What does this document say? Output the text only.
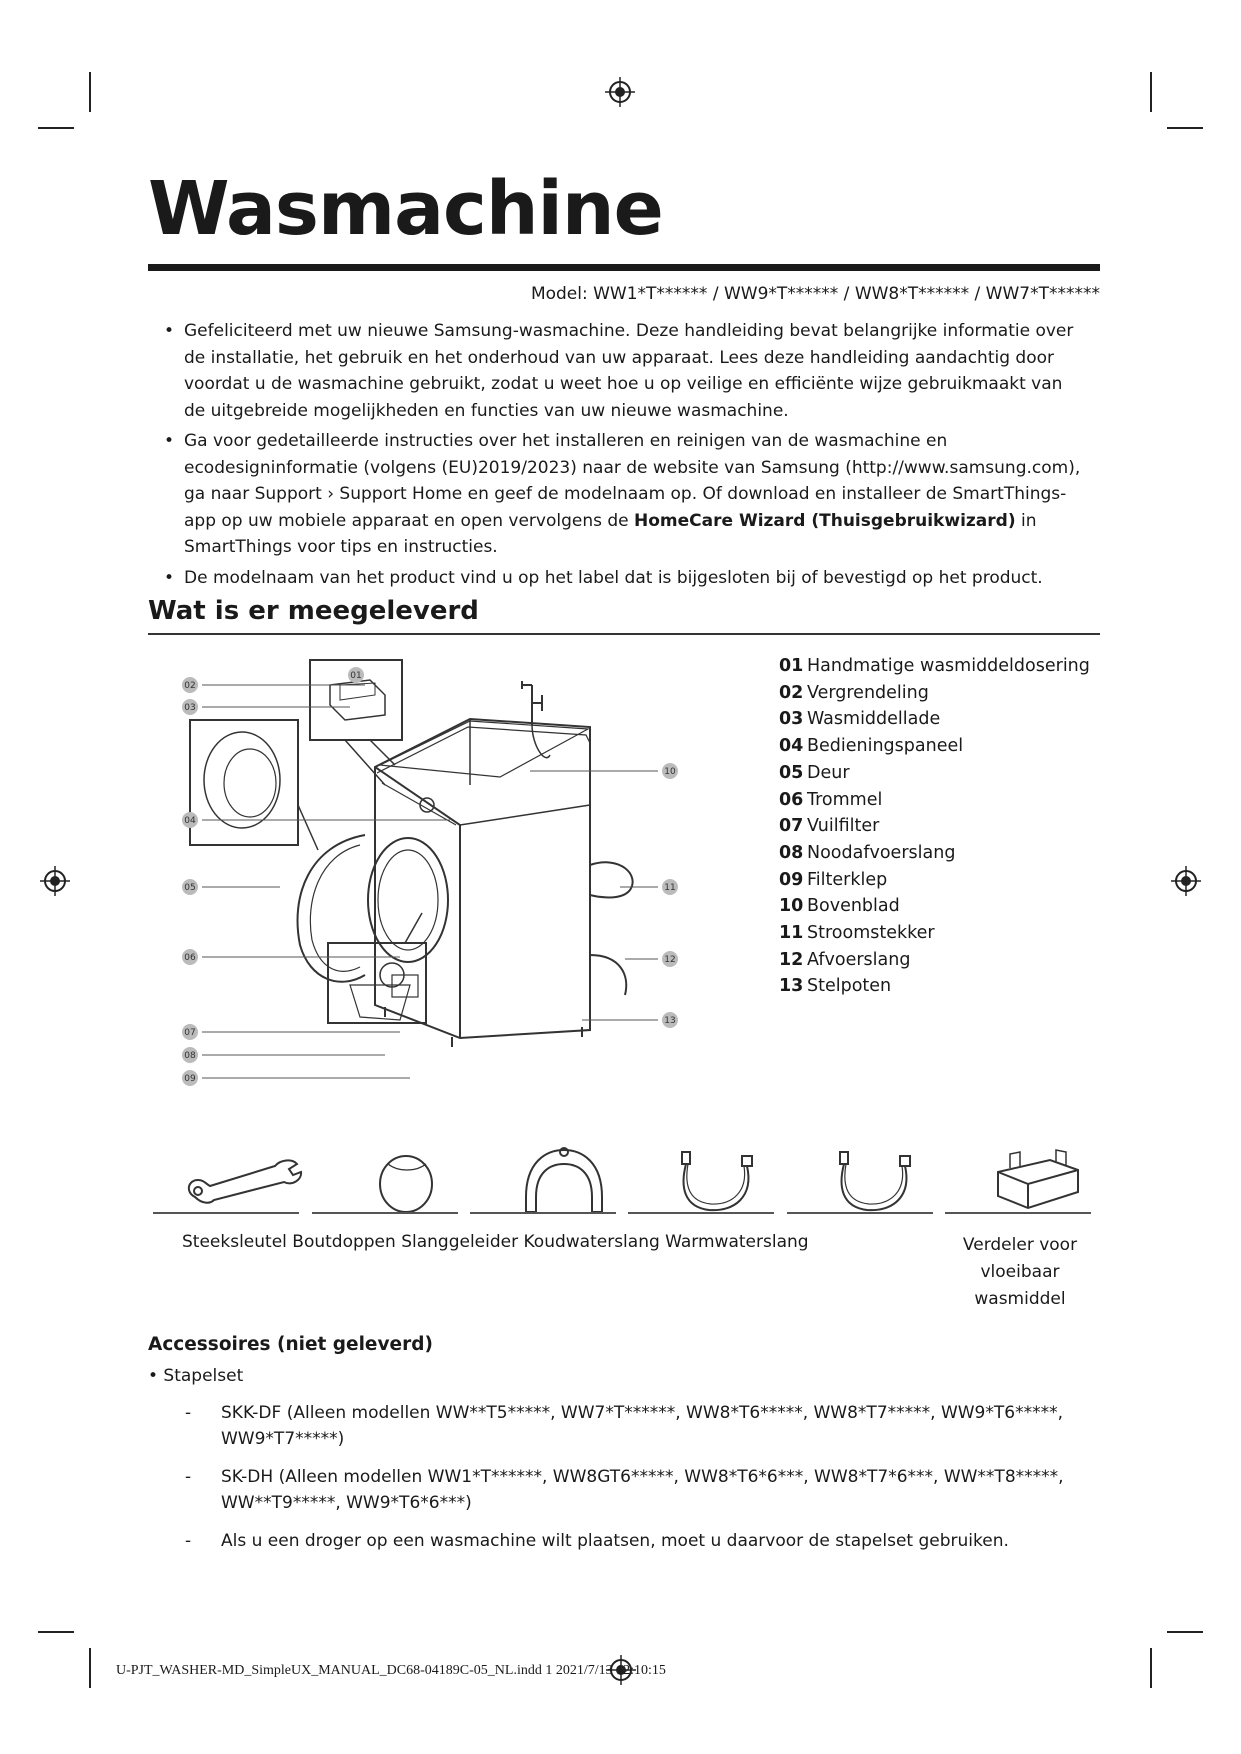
Wasmachine
Model: WW1*T****** / WW9*T****** / WW8*T****** / WW7*T******
• Gefeliciteerd met uw nieuwe Samsung-wasmachine. Deze handleiding bevat belangrijke informatie over de installatie, het gebruik en het onderhoud van uw apparaat. Lees deze handleiding aandachtig door voordat u de wasmachine gebruikt, zodat u weet hoe u op veilige en efficiënte wijze gebruikmaakt van de uitgebreide mogelijkheden en functies van uw nieuwe wasmachine.
• Ga voor gedetailleerde instructies over het installeren en reinigen van de wasmachine en ecodesigninformatie (volgens (EU)2019/2023) naar de website van Samsung (http://www.samsung.com), ga naar Support › Support Home en geef de modelnaam op. Of download en installeer de SmartThings-app op uw mobiele apparaat en open vervolgens de HomeCare Wizard (Thuisgebruikwizard) in SmartThings voor tips en instructies.
• De modelnaam van het product vind u op het label dat is bijgesloten bij of bevestigd op het product.
Wat is er meegeleverd
01
02
03
04
05
06
07
08
09
10
11
12
13
01 Handmatige wasmiddeldosering
02 Vergrendeling
03 Wasmiddellade
04 Bedieningspaneel
05 Deur
06 Trommel
07 Vuilfilter
08 Noodafvoerslang
09 Filterklep
10 Bovenblad
11 Stroomstekker
12 Afvoerslang
13 Stelpoten
Steeksleutel Boutdoppen Slanggeleider Koudwaterslang Warmwaterslang	Verdeler voor
vloeibaar
wasmiddel
Accessoires (niet geleverd)
• Stapelset
- SKK-DF (Alleen modellen WW**T5*****, WW7*T******, WW8*T6*****, WW8*T7*****, WW9*T6*****, WW9*T7*****)
- SK-DH (Alleen modellen WW1*T******, WW8GT6*****, WW8*T6*6***, WW8*T7*6***, WW**T8*****, WW**T9*****, WW9*T6*6***)
- Als u een droger op een wasmachine wilt plaatsen, moet u daarvoor de stapelset gebruiken.
U-PJT_WASHER-MD_SimpleUX_MANUAL_DC68-04189C-05_NL.indd 1 2021/7/13 12:10:15
